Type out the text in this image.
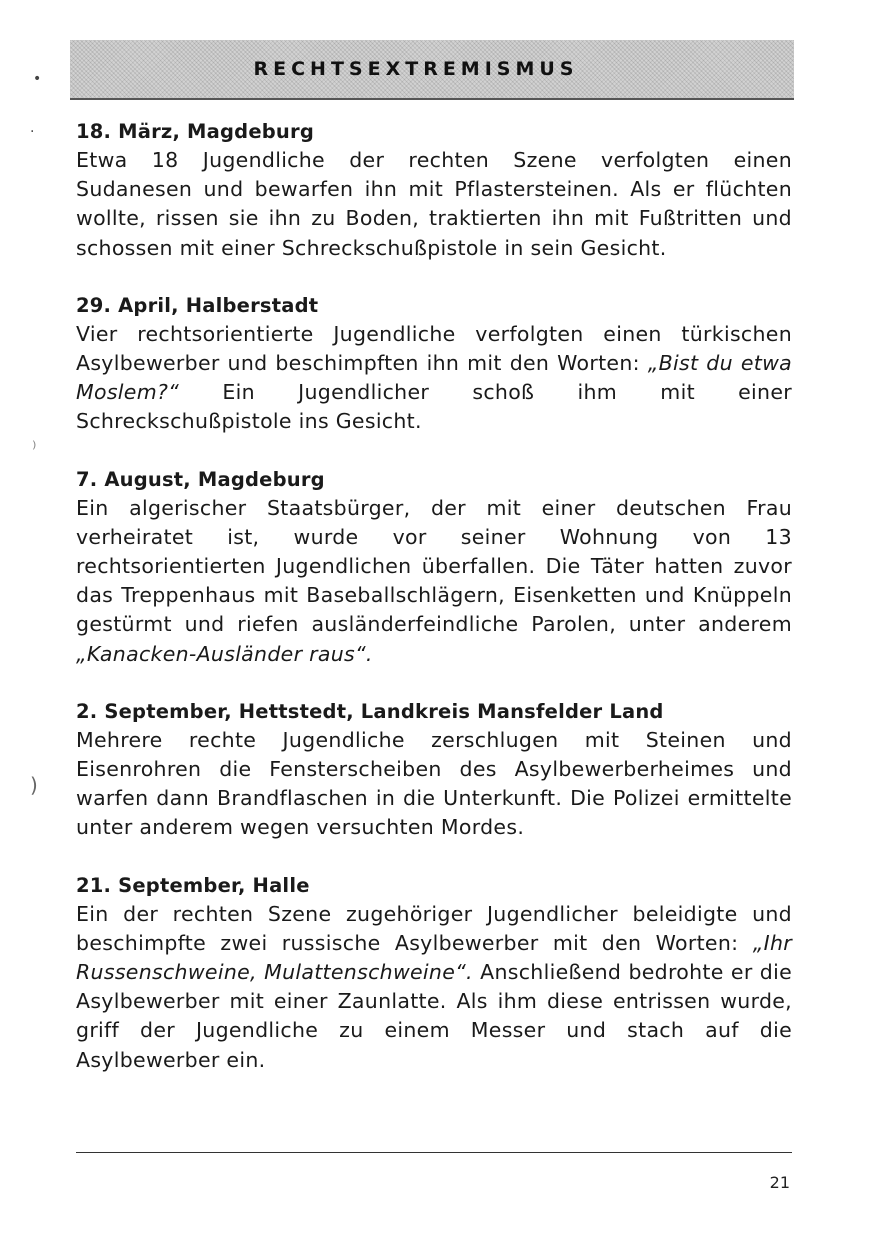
RECHTSEXTREMISMUS
•
·
⁾
)
18. März, Magdeburg

Etwa 18 Jugendliche der rechten Szene verfolgten einen Sudanesen und bewarfen ihn mit Pflastersteinen. Als er flüchten wollte, rissen sie ihn zu Boden, traktierten ihn mit Fußtritten und schossen mit einer Schreckschußpistole in sein Gesicht.

29. April, Halberstadt

Vier rechtsorientierte Jugendliche verfolgten einen türkischen Asylbewerber und beschimpften ihn mit den Worten: „Bist du etwa Moslem?“ Ein Jugendlicher schoß ihm mit einer Schreckschußpistole ins Gesicht.

7. August, Magdeburg

Ein algerischer Staatsbürger, der mit einer deutschen Frau verheiratet ist, wurde vor seiner Wohnung von 13 rechtsorientierten Jugendlichen überfallen. Die Täter hatten zuvor das Treppenhaus mit Baseballschlägern, Eisenketten und Knüppeln gestürmt und riefen ausländerfeindliche Parolen, unter anderem „Kanacken-Ausländer raus“.

2. September, Hettstedt, Landkreis Mansfelder Land

Mehrere rechte Jugendliche zerschlugen mit Steinen und Eisenrohren die Fensterscheiben des Asylbewerberheimes und warfen dann Brandflaschen in die Unterkunft. Die Polizei ermittelte unter anderem wegen versuchten Mordes.

21. September, Halle

Ein der rechten Szene zugehöriger Jugendlicher beleidigte und beschimpfte zwei russische Asylbewerber mit den Worten: „Ihr Russenschweine, Mulattenschweine“. Anschließend bedrohte er die Asylbewerber mit einer Zaunlatte. Als ihm diese entrissen wurde, griff der Jugendliche zu einem Messer und stach auf die Asylbewerber ein.

21
